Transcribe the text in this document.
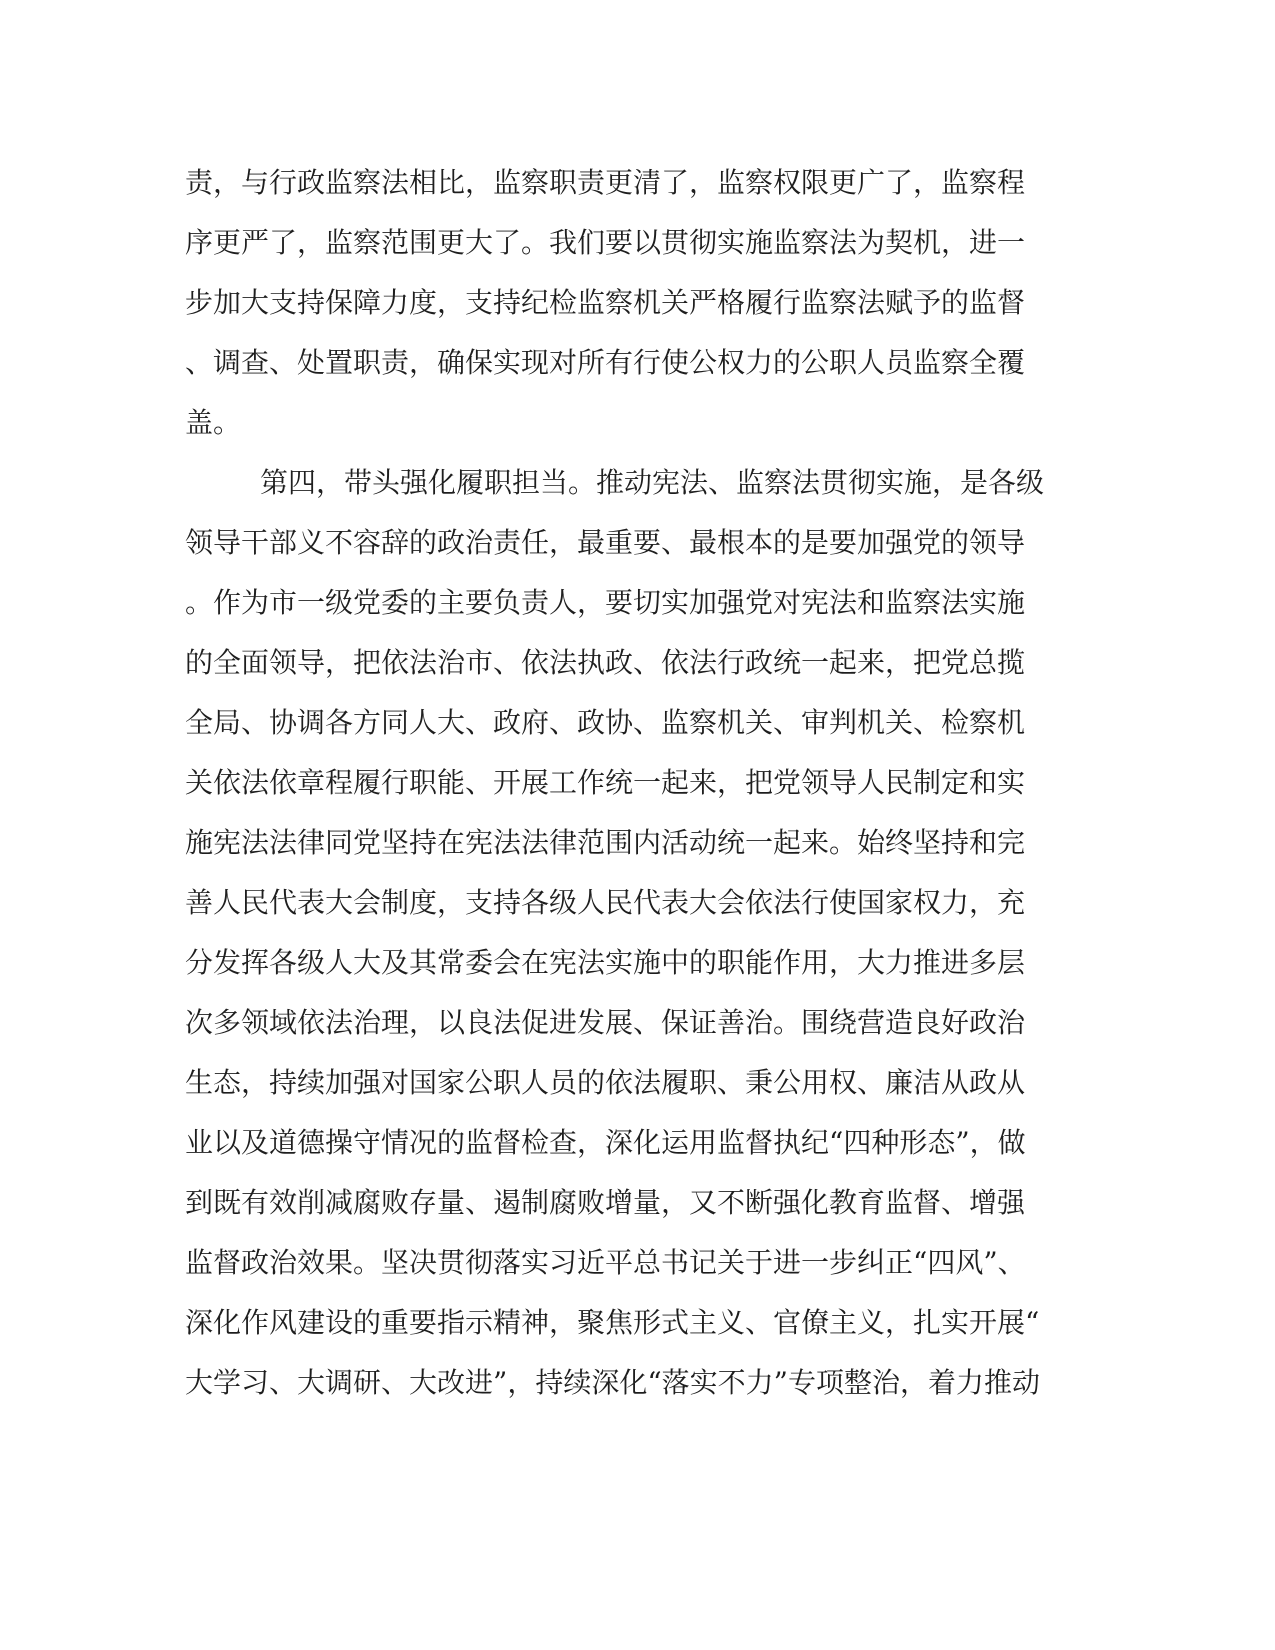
责，与行政监察法相比，监察职责更清了，监察权限更广了，监察程
序更严了，监察范围更大了。我们要以贯彻实施监察法为契机，进一
步加大支持保障力度，支持纪检监察机关严格履行监察法赋予的监督
、调查、处置职责，确保实现对所有行使公权力的公职人员监察全覆
盖。
第四，带头强化履职担当。推动宪法、监察法贯彻实施，是各级
领导干部义不容辞的政治责任，最重要、最根本的是要加强党的领导
。作为市一级党委的主要负责人，要切实加强党对宪法和监察法实施
的全面领导，把依法治市、依法执政、依法行政统一起来，把党总揽
全局、协调各方同人大、政府、政协、监察机关、审判机关、检察机
关依法依章程履行职能、开展工作统一起来，把党领导人民制定和实
施宪法法律同党坚持在宪法法律范围内活动统一起来。始终坚持和完
善人民代表大会制度，支持各级人民代表大会依法行使国家权力，充
分发挥各级人大及其常委会在宪法实施中的职能作用，大力推进多层
次多领域依法治理，以良法促进发展、保证善治。围绕营造良好政治
生态，持续加强对国家公职人员的依法履职、秉公用权、廉洁从政从
业以及道德操守情况的监督检查，深化运用监督执纪“四种形态”，做
到既有效削减腐败存量、遏制腐败增量，又不断强化教育监督、增强
监督政治效果。坚决贯彻落实习近平总书记关于进一步纠正“四风”、
深化作风建设的重要指示精神，聚焦形式主义、官僚主义，扎实开展“
大学习、大调研、大改进”，持续深化“落实不力”专项整治，着力推动
